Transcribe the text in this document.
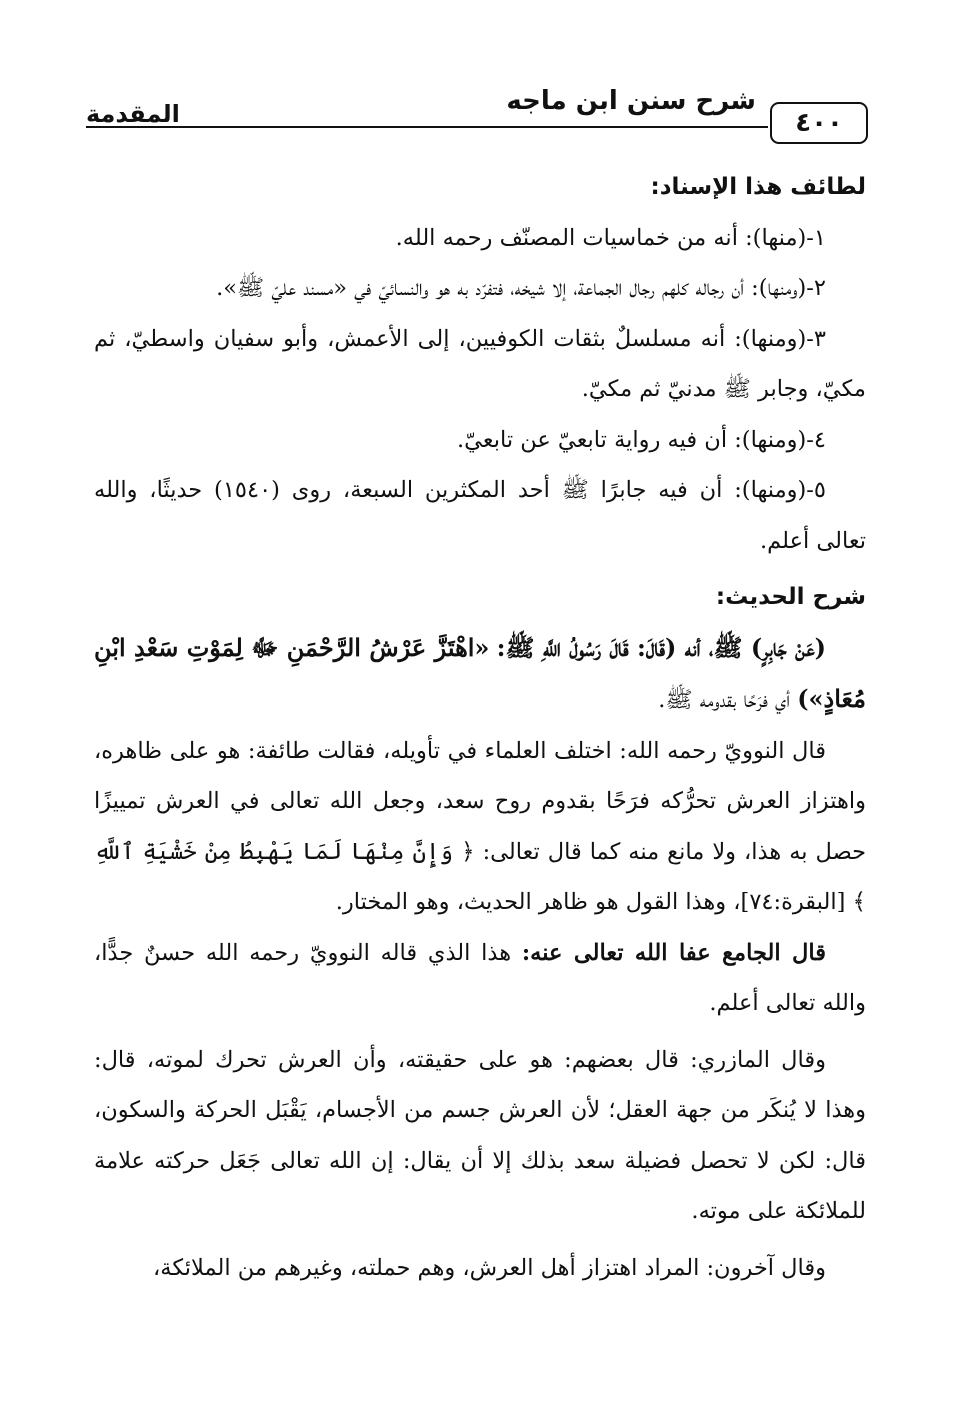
٤٠٠
شرح سنن ابن ماجه
المقدمة

لطائف هذا الإسناد:

١-(منها): أنه من خماسيات المصنّف رحمه الله.

٢-(ومنها): أن رجاله كلهم رجال الجماعة، إلا شيخه، فتفرّد به هو والنسائيّ في «مسند عليّ ﷺ».

٣-(ومنها): أنه مسلسلٌ بثقات الكوفيين، إلى الأعمش، وأبو سفيان واسطيّ، ثم مكيّ، وجابر ﷺ مدنيّ ثم مكيّ.

٤-(ومنها): أن فيه رواية تابعيّ عن تابعيّ.

٥-(ومنها): أن فيه جابرًا ﷺ أحد المكثرين السبعة، روى (١٥٤٠) حديثًا، والله تعالى أعلم.

شرح الحديث:

(عَنْ جَابِرٍ) ﷺ، أنه (قَالَ: قَالَ رَسُولُ اللَّهِ ﷺ: «اهْتَزَّ عَرْشُ الرَّحْمَنِ ﷻ لِمَوْتِ سَعْدِ ابْنِ مُعَاذٍ») أي فرَحًا بقدومه ﷺ.

قال النوويّ رحمه الله: اختلف العلماء في تأويله، فقالت طائفة: هو على ظاهره، واهتزاز العرش تحرُّكه فرَحًا بقدوم روح سعد، وجعل الله تعالى في العرش تمييزًا حصل به هذا، ولا مانع منه كما قال تعالى: ﴿ وَإِنَّ مِنْهَا لَمَا يَهْبِطُ مِنْ خَشْيَةِ ٱللَّهِ ﴾ [البقرة:٧٤]، وهذا القول هو ظاهر الحديث، وهو المختار.

قال الجامع عفا الله تعالى عنه: هذا الذي قاله النوويّ رحمه الله حسنٌ جدًّا، والله تعالى أعلم.

وقال المازري: قال بعضهم: هو على حقيقته، وأن العرش تحرك لموته، قال: وهذا لا يُنكَر من جهة العقل؛ لأن العرش جسم من الأجسام، يَقْبَل الحركة والسكون، قال: لكن لا تحصل فضيلة سعد بذلك إلا أن يقال: إن الله تعالى جَعَل حركته علامة للملائكة على موته.

وقال آخرون: المراد اهتزاز أهل العرش، وهم حملته، وغيرهم من الملائكة،
